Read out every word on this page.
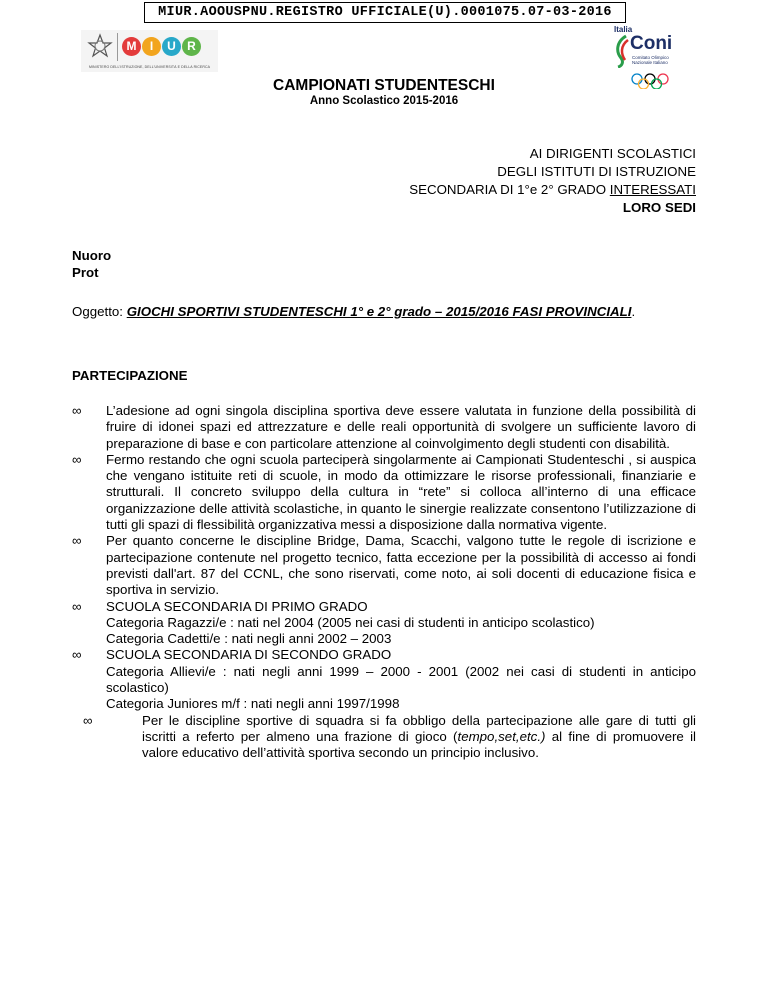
MIUR.AOOUSPNU.REGISTRO UFFICIALE(U).0001075.07-03-2016
M	I	U R
MINISTERO DELL'ISTRUZIONE, DELL'UNIVERSITÀ E DELLA RICERCA
Italia
Coni
Comitato Olimpico
Nazionale Italiano
CAMPIONATI STUDENTESCHI
Anno Scolastico 2015-2016
AI DIRIGENTI SCOLASTICI
DEGLI ISTITUTI DI ISTRUZIONE
SECONDARIA DI 1°e 2° GRADO INTERESSATI
LORO SEDI
Nuoro
Prot
Oggetto: GIOCHI SPORTIVI STUDENTESCHI 1° e 2° grado – 2015/2016 FASI PROVINCIALI.
PARTECIPAZIONE
∞	L’adesione ad ogni singola disciplina sportiva deve essere valutata in funzione della possibilità di fruire di idonei spazi ed attrezzature e delle reali opportunità di svolgere un sufficiente lavoro di preparazione di base e con particolare attenzione al coinvolgimento degli studenti con disabilità.
∞	Fermo restando che ogni scuola parteciperà singolarmente ai Campionati Studenteschi , si auspica che vengano istituite reti di scuole, in modo da ottimizzare le risorse professionali, finanziarie e strutturali. Il concreto sviluppo della cultura in “rete” si colloca all’interno di una efficace organizzazione delle attività scolastiche, in quanto le sinergie realizzate consentono l’utilizzazione di tutti gli spazi di flessibilità organizzativa messi a disposizione dalla normativa vigente.
∞	Per quanto concerne le discipline Bridge, Dama, Scacchi, valgono tutte le regole di iscrizione e partecipazione contenute nel progetto tecnico, fatta eccezione per la possibilità di accesso ai fondi previsti dall'art. 87 del CCNL, che sono riservati, come noto, ai soli docenti di educazione fisica e sportiva in servizio.
∞	SCUOLA SECONDARIA DI PRIMO GRADO
Categoria Ragazzi/e : nati nel 2004 (2005 nei casi di studenti in anticipo scolastico)
Categoria Cadetti/e : nati negli anni 2002 – 2003
∞	SCUOLA SECONDARIA DI SECONDO GRADO
Categoria Allievi/e : nati negli anni 1999 – 2000 - 2001 (2002 nei casi di studenti in anticipo scolastico)
Categoria Juniores m/f : nati negli anni 1997/1998
∞	Per le discipline sportive di squadra si fa obbligo della partecipazione alle gare di tutti gli iscritti a referto per almeno una frazione di gioco (tempo,set,etc.) al fine di promuovere il valore educativo dell’attività sportiva secondo un principio inclusivo.
